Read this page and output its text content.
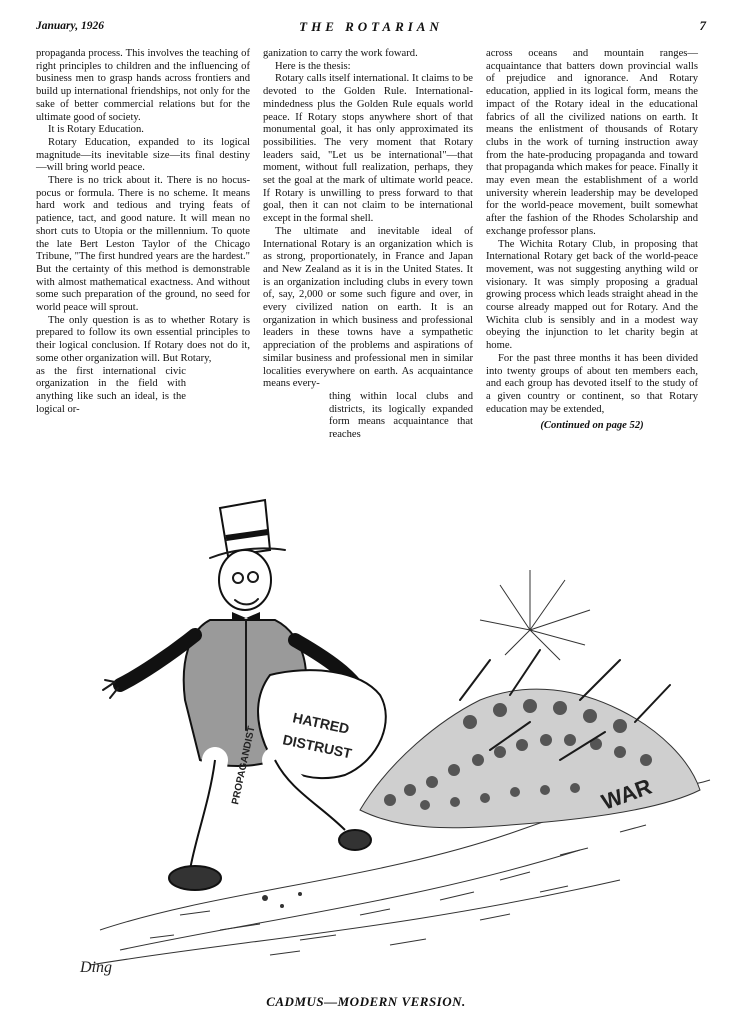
January, 1926	THE ROTARIAN	7

propaganda process. This involves the teaching of right principles to children and the influencing of business men to grasp hands across frontiers and build up international friendships, not only for the sake of better commercial relations but for the ultimate good of society.

It is Rotary Education.

Rotary Education, expanded to its logical magnitude—its inevitable size—its final destiny—will bring world peace.

There is no trick about it. There is no hocus-pocus or formula. There is no scheme. It means hard work and tedious and trying feats of patience, tact, and good nature. It will mean no short cuts to Utopia or the millennium. To quote the late Bert Leston Taylor of the Chicago Tribune, "The first hundred years are the hardest." But the certainty of this method is demonstrable with almost mathematical exactness. And without some such preparation of the ground, no seed for world peace will sprout.

The only question is as to whether Rotary is prepared to follow its own essential principles to their logical conclusion. If Rotary does not do it, some other organization will. But Rotary,

as the first international civic organization in the field with anything like such an ideal, is the logical or-

ganization to carry the work foward.

Here is the thesis:

Rotary calls itself international. It claims to be devoted to the Golden Rule. International-mindedness plus the Golden Rule equals world peace. If Rotary stops anywhere short of that monumental goal, it has only approximated its possibilities. The very moment that Rotary leaders said, "Let us be international"—that moment, without full realization, perhaps, they set the goal at the mark of ultimate world peace. If Rotary is unwilling to press forward to that goal, then it can not claim to be international except in the formal shell.

The ultimate and inevitable ideal of International Rotary is an organization which is as strong, proportionately, in France and Japan and New Zealand as it is in the United States. It is an organization including clubs in every town of, say, 2,000 or some such figure and over, in every civilized nation on earth. It is an organization in which business and professional leaders in these towns have a sympathetic appreciation of the problems and aspirations of similar business and professional men in similar localities everywhere on earth. As acquaintance means every-

thing within local clubs and districts, its logically expanded form means acquaintance that reaches

across oceans and mountain ranges—acquaintance that batters down provincial walls of prejudice and ignorance. And Rotary education, applied in its logical form, means the impact of the Rotary ideal in the educational fabrics of all the civilized nations on earth. It means the enlistment of thousands of Rotary clubs in the work of turning instruction away from the hate-producing propaganda and toward that propaganda which makes for peace. Finally it may even mean the establishment of a world university wherein leadership may be developed for the world-peace movement, built somewhat after the fashion of the Rhodes Scholarship and exchange professor plans.

The Wichita Rotary Club, in proposing that International Rotary get back of the world-peace movement, was not suggesting anything wild or visionary. It was simply proposing a gradual growing process which leads straight ahead in the course already mapped out for Rotary. And the Wichita club is sensibly and in a modest way obeying the injunction to let charity begin at home.

For the past three months it has been divided into twenty groups of about ten members each, and each group has devoted itself to the study of a given country or continent, so that Rotary education may be extended,

(Continued on page 52)
WAR
HATRED
DISTRUST
PROPAGANDIST
Ding
CADMUS—MODERN VERSION.
